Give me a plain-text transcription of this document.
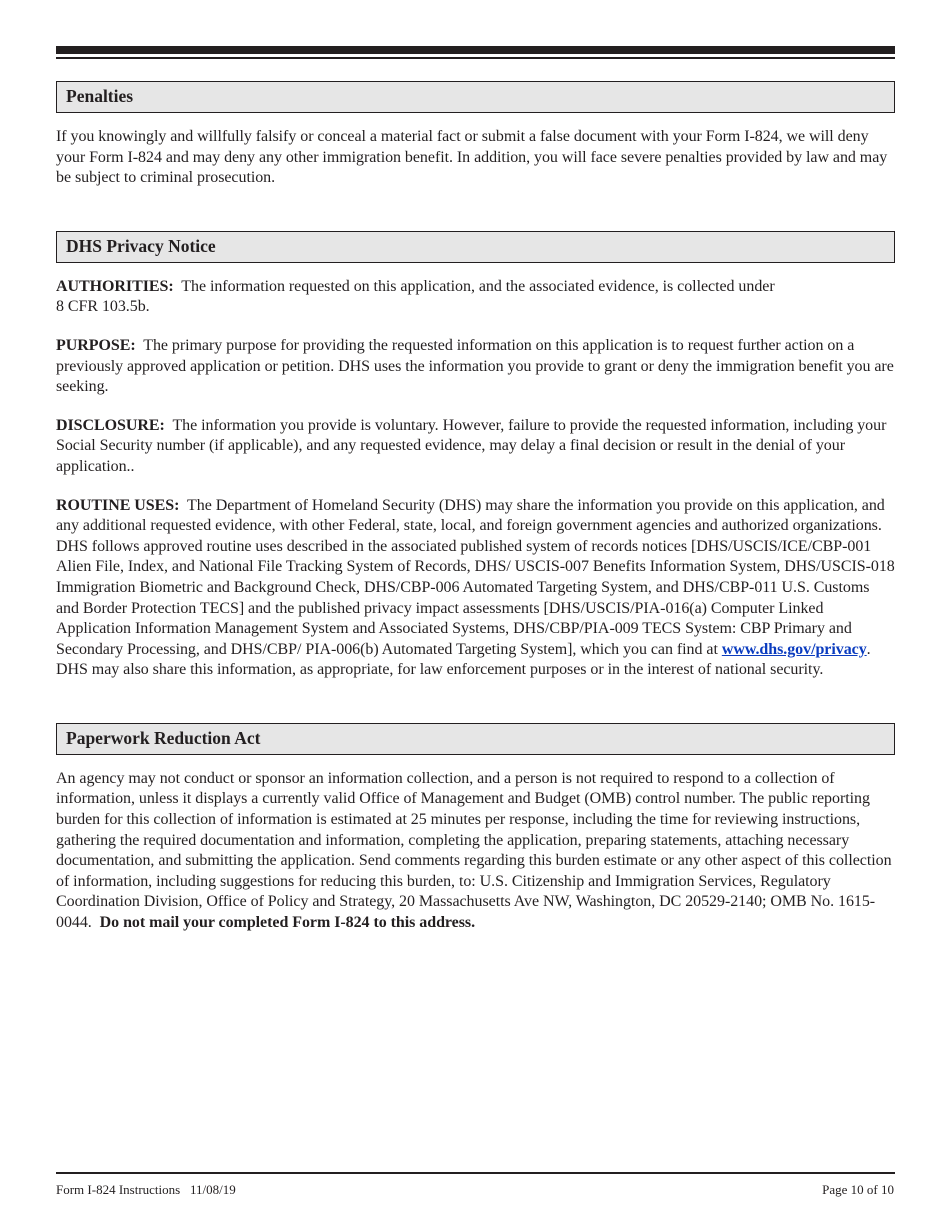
Penalties

If you knowingly and willfully falsify or conceal a material fact or submit a false document with your Form I-824, we will deny your Form I-824 and may deny any other immigration benefit. In addition, you will face severe penalties provided by law and may be subject to criminal prosecution.

DHS Privacy Notice

AUTHORITIES: The information requested on this application, and the associated evidence, is collected under
8 CFR 103.5b.

PURPOSE: The primary purpose for providing the requested information on this application is to request further action on a previously approved application or petition. DHS uses the information you provide to grant or deny the immigration benefit you are seeking.

DISCLOSURE: The information you provide is voluntary. However, failure to provide the requested information, including your Social Security number (if applicable), and any requested evidence, may delay a final decision or result in the denial of your application..

ROUTINE USES: The Department of Homeland Security (DHS) may share the information you provide on this application, and any additional requested evidence, with other Federal, state, local, and foreign government agencies and authorized organizations. DHS follows approved routine uses described in the associated published system of records notices [DHS/USCIS/ICE/CBP-001 Alien File, Index, and National File Tracking System of Records, DHS/ USCIS-007 Benefits Information System, DHS/USCIS-018 Immigration Biometric and Background Check, DHS/CBP-006 Automated Targeting System, and DHS/CBP-011 U.S. Customs and Border Protection TECS] and the published privacy impact assessments [DHS/USCIS/PIA-016(a) Computer Linked Application Information Management System and Associated Systems, DHS/CBP/PIA-009 TECS System: CBP Primary and Secondary Processing, and DHS/CBP/ PIA-006(b) Automated Targeting System], which you can find at www.dhs.gov/privacy. DHS may also share this information, as appropriate, for law enforcement purposes or in the interest of national security.

Paperwork Reduction Act

An agency may not conduct or sponsor an information collection, and a person is not required to respond to a collection of information, unless it displays a currently valid Office of Management and Budget (OMB) control number. The public reporting burden for this collection of information is estimated at 25 minutes per response, including the time for reviewing instructions, gathering the required documentation and information, completing the application, preparing statements, attaching necessary documentation, and submitting the application. Send comments regarding this burden estimate or any other aspect of this collection of information, including suggestions for reducing this burden, to: U.S. Citizenship and Immigration Services, Regulatory Coordination Division, Office of Policy and Strategy, 20 Massachusetts Ave NW, Washington, DC 20529-2140; OMB No. 1615-0044. Do not mail your completed Form I-824 to this address.

Form I-824 Instructions   11/08/19	Page 10 of 10
